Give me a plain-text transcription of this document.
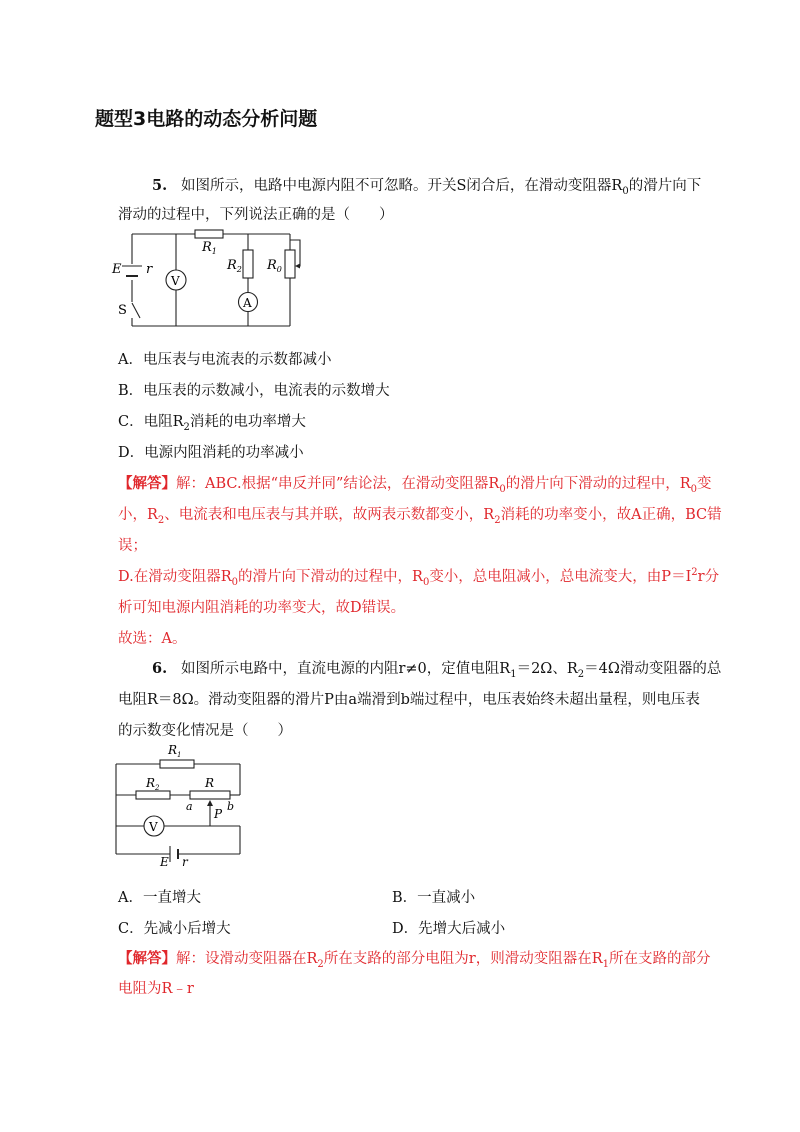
题型3电路的动态分析问题
5. 如图所示，电路中电源内阻不可忽略。开关S闭合后，在滑动变阻器$R_0$的滑片向下
滑动的过程中，下列说法正确的是（　　）
E r
V
A
S
$R_1$
$R_2$ $R_0$
A．电压表与电流表的示数都减小
B．电压表的示数减小，电流表的示数增大
C．电阻$R_2$消耗的电功率增大
D．电源内阻消耗的功率减小
【解答】解：ABC.根据“串反并同”结论法，在滑动变阻器$R_0$的滑片向下滑动的过程中，$R_0$变
小，$R_2$、电流表和电压表与其并联，故两表示数都变小，$R_2$消耗的功率变小，故A正确，BC错
误；
D.在滑动变阻器$R_0$的滑片向下滑动的过程中，$R_0$变小，总电阻减小，总电流变大，由$P=I^2r$分
析可知电源内阻消耗的功率变大，故D错误。
故选：A。
6. 如图所示电路中，直流电源的内阻r≠0，定值电阻$R_1=2\Omega$、$R_2=4\Omega$滑动变阻器的总
电阻R＝8Ω。滑动变阻器的滑片P由a端滑到b端过程中，电压表始终未超出量程，则电压表
的示数变化情况是（　　）
$R_1$
$R_2$	R
a	b
P
V
E r
A．一直增大	B．一直减小
C．先减小后增大	D．先增大后减小
【解答】解：设滑动变阻器在$R_2$所在支路的部分电阻为r，则滑动变阻器在$R_1$所在支路的部分
电阻为R﹣r
